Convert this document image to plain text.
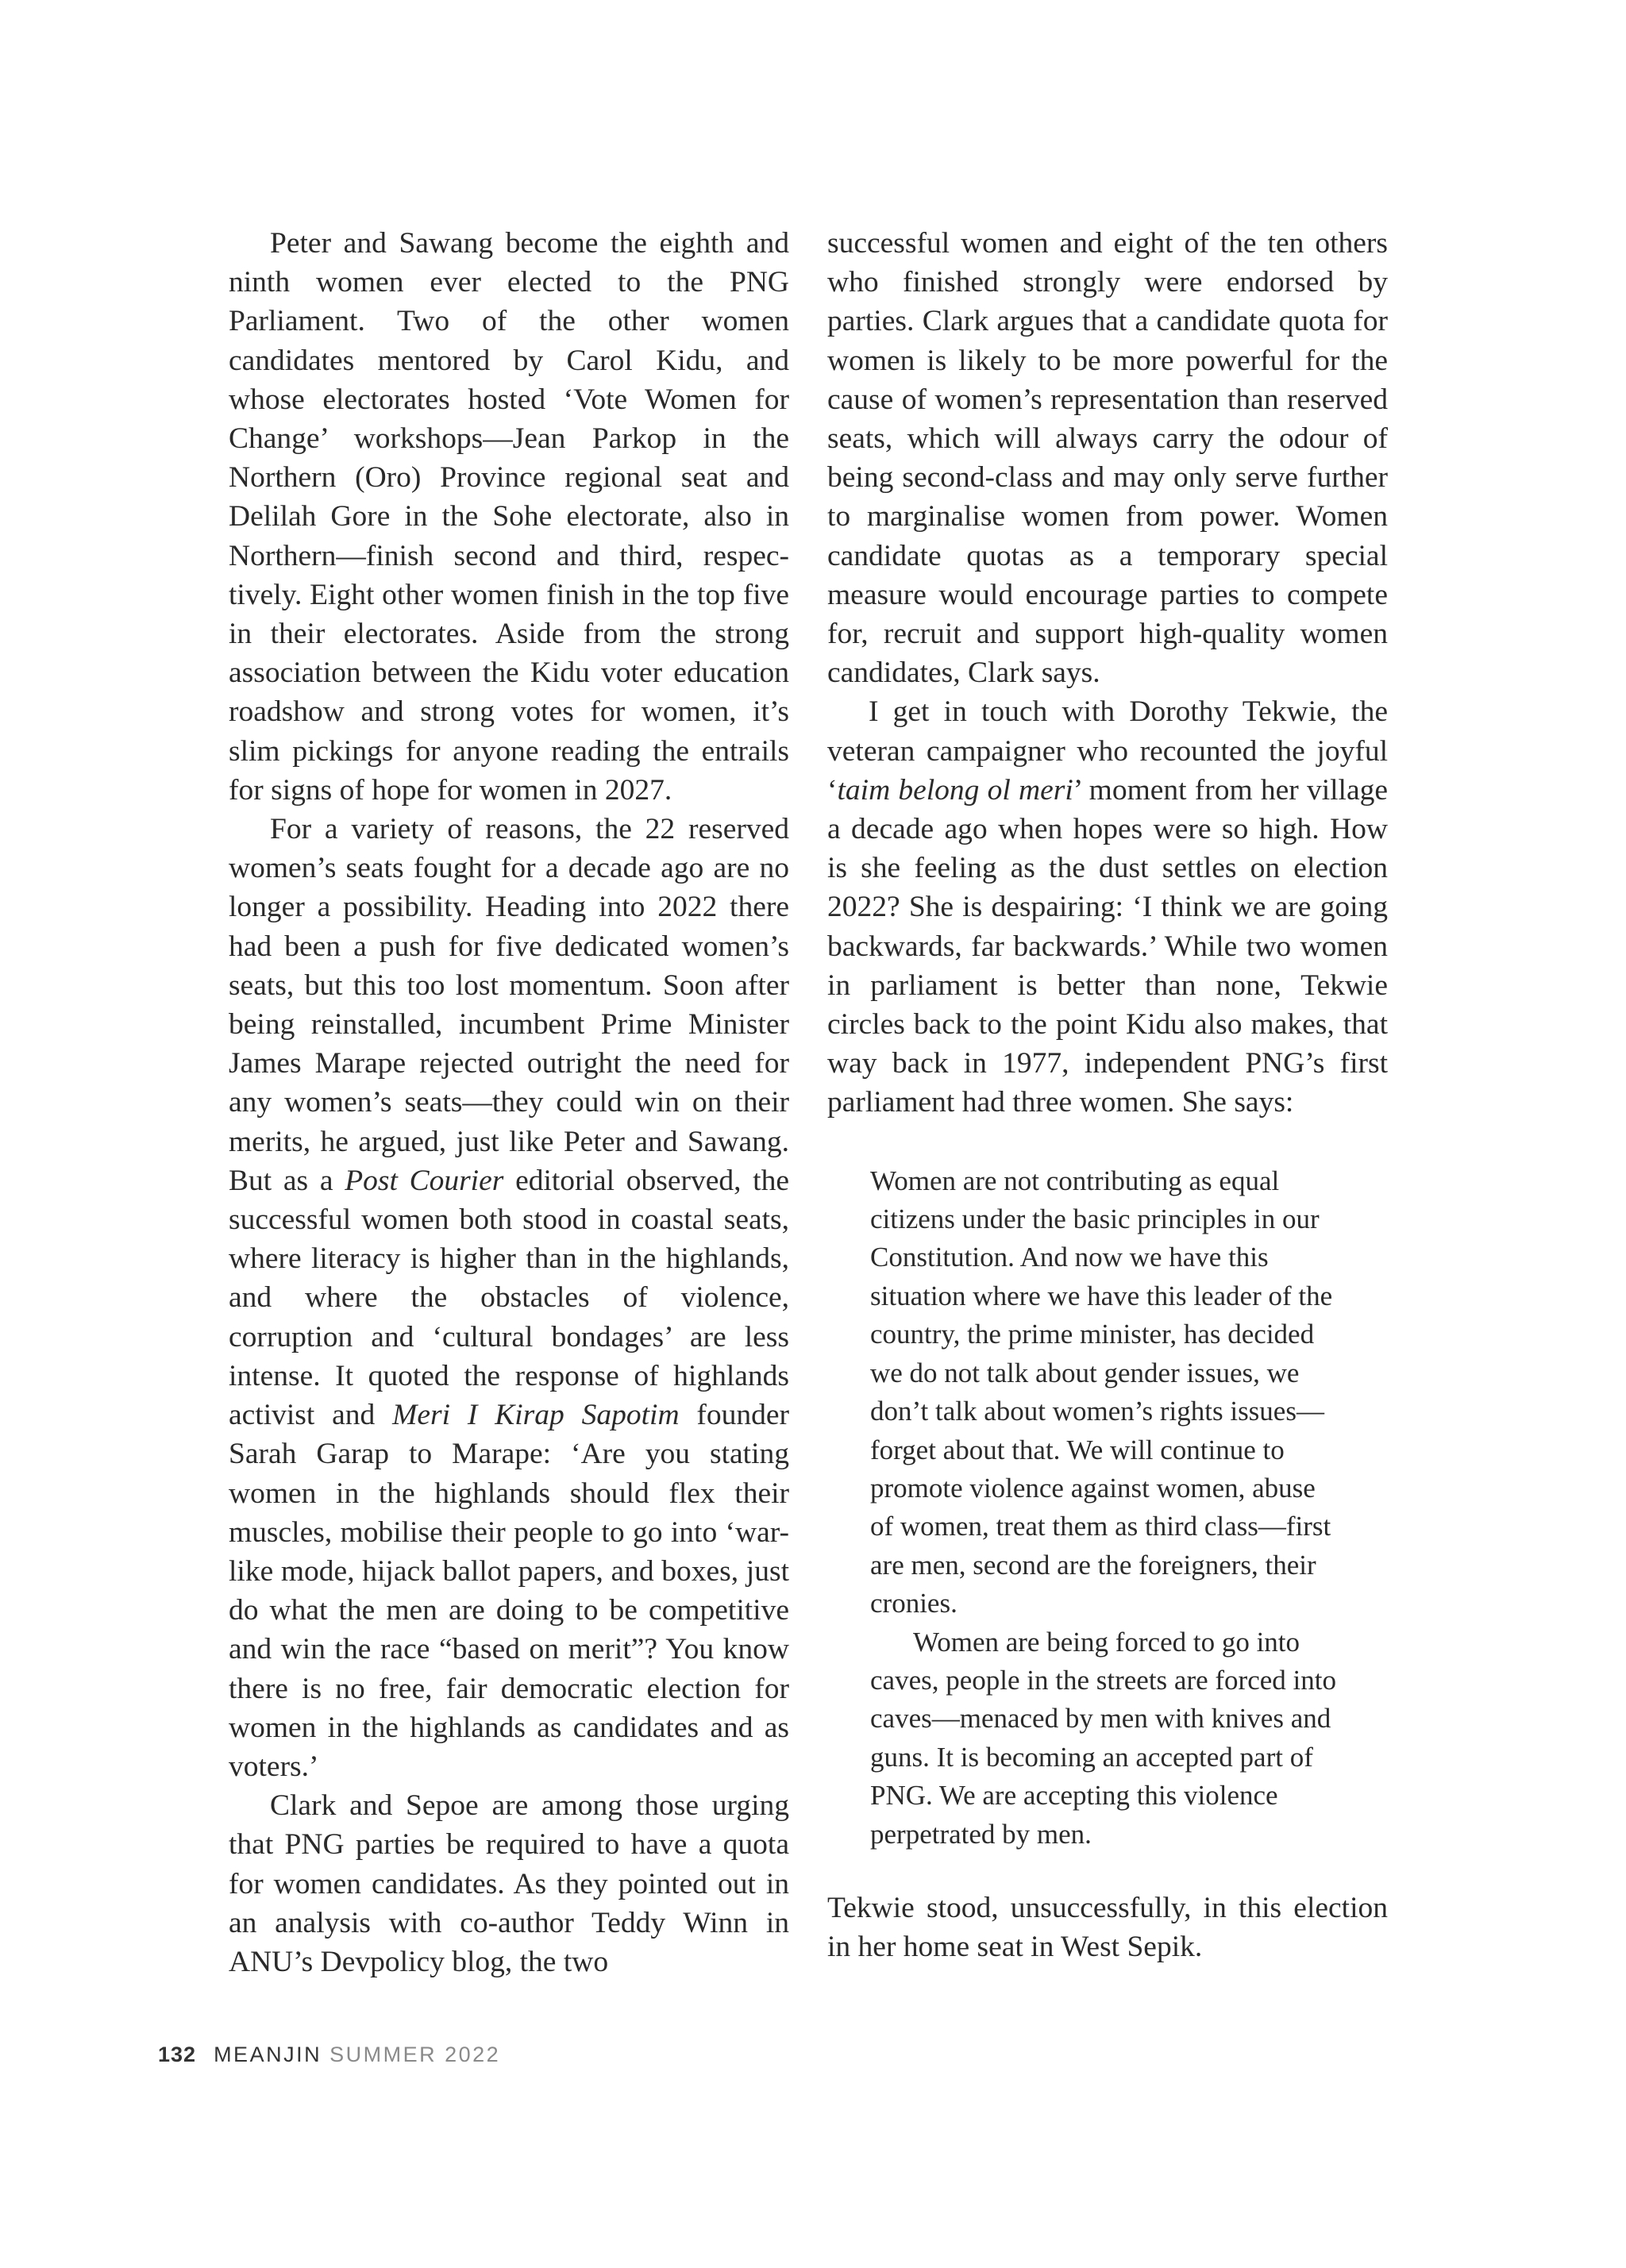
Peter and Sawang become the eighth and ninth women ever elected to the PNG Parliament. Two of the other women candidates mentored by Carol Kidu, and whose electorates hosted ‘Vote Women for Change’ workshops—Jean Parkop in the Northern (Oro) Province regional seat and Delilah Gore in the Sohe electorate, also in Northern—finish second and third, respectively. Eight other women finish in the top five in their electorates. Aside from the strong association between the Kidu voter education roadshow and strong votes for women, it’s slim pickings for anyone reading the entrails for signs of hope for women in 2027.

For a variety of reasons, the 22 reserved women’s seats fought for a decade ago are no longer a possibility. Heading into 2022 there had been a push for five dedicated women’s seats, but this too lost momentum. Soon after being reinstalled, incumbent Prime Minister James Marape rejected outright the need for any women’s seats—they could win on their merits, he argued, just like Peter and Sawang. But as a Post Courier editorial observed, the successful women both stood in coastal seats, where literacy is higher than in the highlands, and where the obstacles of violence, corruption and ‘cultural bondages’ are less intense. It quoted the response of highlands activist and Meri I Kirap Sapotim founder Sarah Garap to Marape: ‘Are you stating women in the highlands should flex their muscles, mobilise their people to go into ‘war-like mode, hijack ballot papers, and boxes, just do what the men are doing to be competitive and win the race “based on merit”? You know there is no free, fair democratic election for women in the highlands as candidates and as voters.’

Clark and Sepoe are among those urging that PNG parties be required to have a quota for women candidates. As they pointed out in an analysis with co-author Teddy Winn in ANU’s Devpolicy blog, the two

successful women and eight of the ten others who finished strongly were endorsed by parties. Clark argues that a candidate quota for women is likely to be more powerful for the cause of women’s representation than reserved seats, which will always carry the odour of being second-class and may only serve further to marginalise women from power. Women candidate quotas as a temporary special measure would encourage parties to compete for, recruit and support high-quality women candidates, Clark says.

I get in touch with Dorothy Tekwie, the veteran campaigner who recounted the joyful ‘taim belong ol meri’ moment from her village a decade ago when hopes were so high. How is she feeling as the dust settles on election 2022? She is despairing: ‘I think we are going backwards, far backwards.’ While two women in parliament is better than none, Tekwie circles back to the point Kidu also makes, that way back in 1977, independent PNG’s first parliament had three women. She says:

Women are not contributing as equal citizens under the basic principles in our Constitution. And now we have this situation where we have this leader of the country, the prime minister, has decided we do not talk about gender issues, we don’t talk about women’s rights issues—forget about that. We will continue to promote violence against women, abuse of women, treat them as third class—first are men, second are the foreigners, their cronies.

Women are being forced to go into caves, people in the streets are forced into caves—menaced by men with knives and guns. It is becoming an accepted part of PNG. We are accepting this violence perpetrated by men.

Tekwie stood, unsuccessfully, in this election in her home seat in West Sepik.

132 MEANJIN SUMMER 2022
